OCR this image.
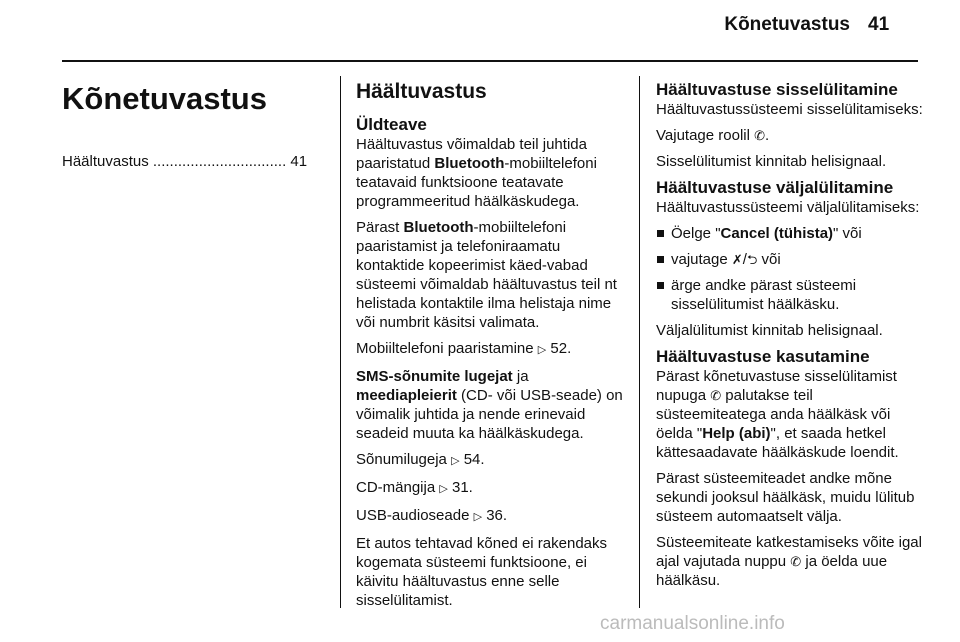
Kõnetuvastus 41
Kõnetuvastus
Häältuvastus ................................ 41
Häältuvastus
Üldteave

Häältuvastus võimaldab teil juhtida paaristatud Bluetooth-mobiiltelefoni teatavaid funktsioone teatavate programmeeritud häälkäskudega.

Pärast Bluetooth-mobiiltelefoni paaristamist ja telefoniraamatu kontaktide kopeerimist käed-vabad süsteemi võimaldab häältuvastus teil nt helistada kontaktile ilma helistaja nime või numbrit käsitsi valimata.

Mobiiltelefoni paaristamine ▷ 52.

SMS-sõnumite lugejat ja
meediapleierit (CD- või USB-seade) on võimalik juhtida ja nende erinevaid seadeid muuta ka häälkäskudega.

Sõnumilugeja ▷ 54.

CD-mängija ▷ 31.

USB-audioseade ▷ 36.

Et autos tehtavad kõned ei rakendaks kogemata süsteemi funktsioone, ei käivitu häältuvastus enne selle sisselülitamist.

Häältuvastuse sisselülitamine

Häältuvastussüsteemi sisselülitamiseks:

Vajutage roolil ✆.

Sisselülitumist kinnitab helisignaal.

Häältuvastuse väljalülitamine

Häältuvastussüsteemi väljalülitamiseks:

Öelge "Cancel (tühista)" või
vajutage ✗/⮌ või
ärge andke pärast süsteemi sisselülitumist häälkäsku.

Väljalülitumist kinnitab helisignaal.

Häältuvastuse kasutamine

Pärast kõnetuvastuse sisselülitamist nupuga ✆ palutakse teil süsteemiteatega anda häälkäsk või öelda "Help (abi)", et saada hetkel kättesaadavate häälkäskude loendit.

Pärast süsteemiteadet andke mõne sekundi jooksul häälkäsk, muidu lülitub süsteem automaatselt välja.

Süsteemiteate katkestamiseks võite igal ajal vajutada nuppu ✆ ja öelda uue häälkäsu.

carmanualsonline.info
